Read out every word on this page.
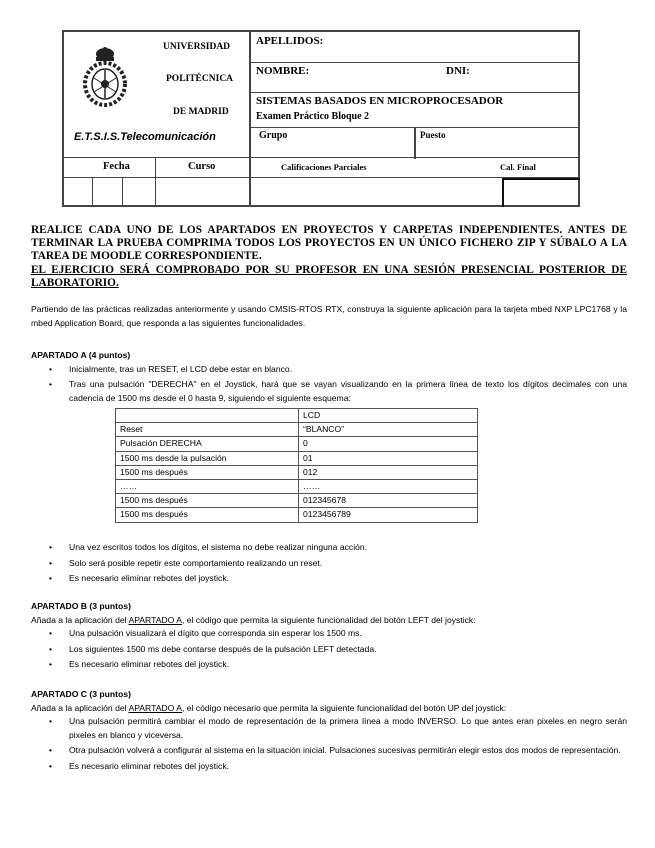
UNIVERSIDAD
POLITÉCNICA
DE MADRID
E.T.S.I.S.Telecomunicación
APELLIDOS:
NOMBRE:	DNI:
SISTEMAS BASADOS EN MICROPROCESADOR
Examen Práctico Bloque 2
Grupo	Puesto
Fecha	Curso	Calificaciones Parciales	Cal. Final
REALICE CADA UNO DE LOS APARTADOS EN PROYECTOS Y CARPETAS INDEPENDIENTES. ANTES DE TERMINAR LA PRUEBA COMPRIMA TODOS LOS PROYECTOS EN UN ÚNICO FICHERO ZIP Y SÚBALO A LA TAREA DE MOODLE CORRESPONDIENTE.
EL EJERCICIO SERÁ COMPROBADO POR SU PROFESOR EN UNA SESIÓN PRESENCIAL POSTERIOR DE LABORATORIO.
Partiendo de las prácticas realizadas anteriormente y usando CMSIS-RTOS RTX, construya la siguiente aplicación para la tarjeta mbed NXP LPC1768 y la mbed Application Board, que responda a las siguientes funcionalidades.

APARTADO A (4 puntos)

• Inicialmente, tras un RESET, el LCD debe estar en blanco.
• Tras una pulsación "DERECHA" en el Joystick, hará que se vayan visualizando en la primera línea de texto los dígitos decimales con una cadencia de 1500 ms desde el 0 hasta 9, siguiendo el siguiente esquema:
	LCD
Reset	“BLANCO”
Pulsación DERECHA	0
1500 ms desde la pulsación	01
1500 ms después	012
……	……
1500 ms después	012345678
1500 ms después	0123456789
• Una vez escritos todos los dígitos, el sistema no debe realizar ninguna acción.
• Solo será posible repetir este comportamiento realizando un reset.
• Es necesario eliminar rebotes del joystick.

APARTADO B (3 puntos)

Añada a la aplicación del APARTADO A, el código que permita la siguiente funcionalidad del botón LEFT del joystick:

• Una pulsación visualizará el dígito que corresponda sin esperar los 1500 ms.
• Los siguientes 1500 ms debe contarse después de la pulsación LEFT detectada.
• Es necesario eliminar rebotes del joystick.

APARTADO C (3 puntos)

Añada a la aplicación del APARTADO A, el código necesario que permita la siguiente funcionalidad del botón UP del joystick:

• Una pulsación permitirá cambiar el modo de representación de la primera línea a modo INVERSO. Lo que antes eran pixeles en negro serán pixeles en blanco y viceversa.
• Otra pulsación volverá a configurar al sistema en la situación inicial. Pulsaciones sucesivas permitirán elegir estos dos modos de representación.
• Es necesario eliminar rebotes del joystick.
